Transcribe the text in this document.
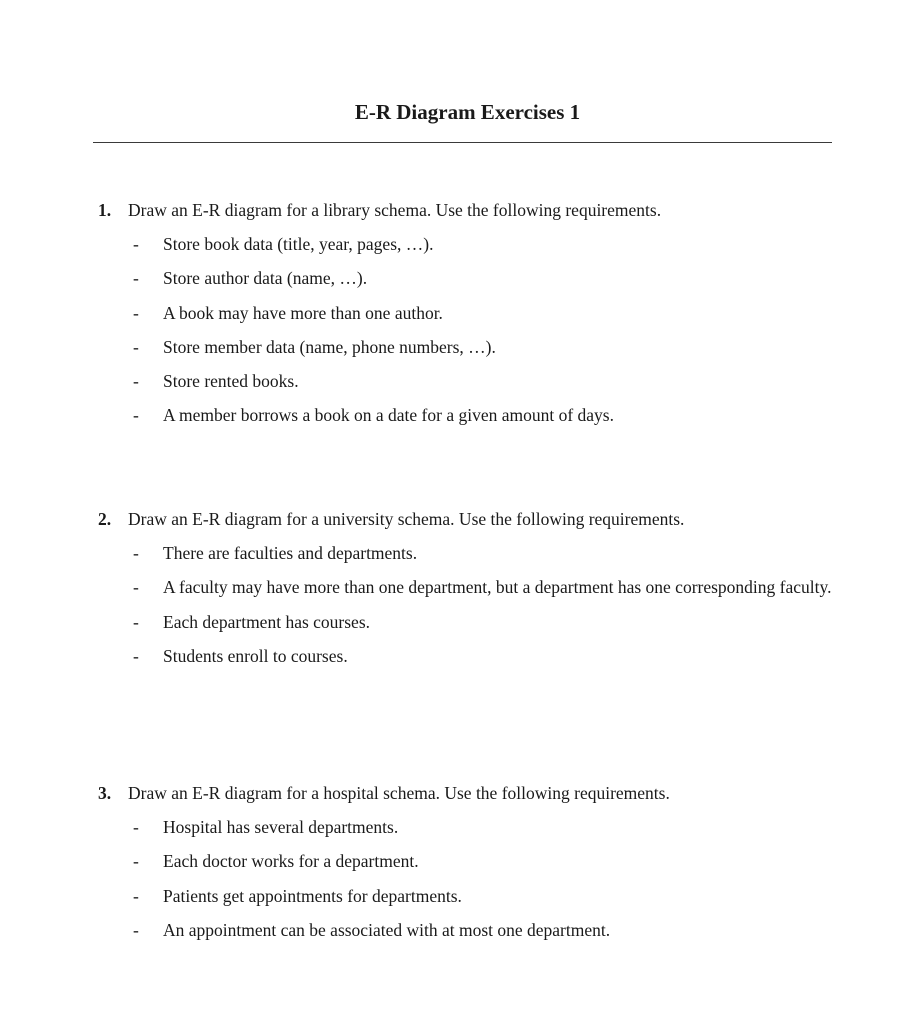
E-R Diagram Exercises 1
1. Draw an E-R diagram for a library schema. Use the following requirements.
- Store book data (title, year, pages, …).
- Store author data (name, …).
- A book may have more than one author.
- Store member data (name, phone numbers, …).
- Store rented books.
- A member borrows a book on a date for a given amount of days.
2. Draw an E-R diagram for a university schema. Use the following requirements.
- There are faculties and departments.
- A faculty may have more than one department, but a department has one corresponding faculty.
- Each department has courses.
- Students enroll to courses.
3. Draw an E-R diagram for a hospital schema. Use the following requirements.
- Hospital has several departments.
- Each doctor works for a department.
- Patients get appointments for departments.
- An appointment can be associated with at most one department.
